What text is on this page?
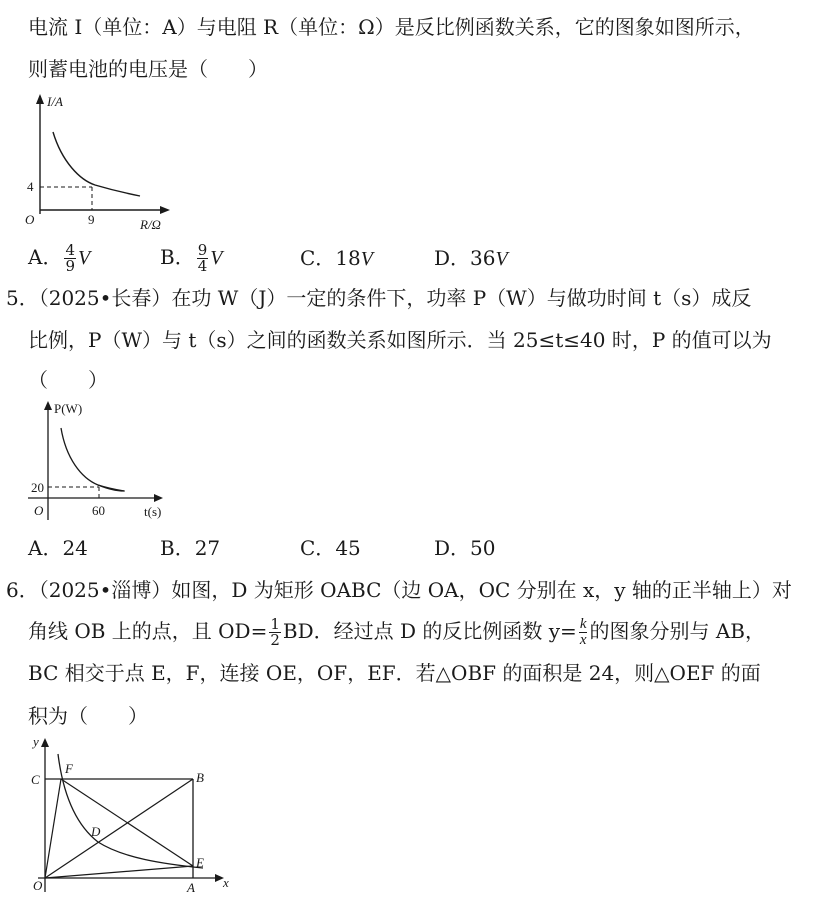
电流 I（单位：A）与电阻 R（单位：Ω）是反比例函数关系，它的图象如图所示，
则蓄电池的电压是（　　）
I/A
4
9
O	R/Ω
A． $\frac{4}{9}$ V	B． $\frac{9}{4}$ V	C．18V	D．36V
5．（2025•长春）在功 W（J）一定的条件下，功率 P（W）与做功时间 t（s）成反
比例，P（W）与 t（s）之间的函数关系如图所示．当 25≤t≤40 时，P 的值可以为
（　　）
P(W)
20
O	60	t(s)
A．24	B．27	C．45	D．50
6．（2025•淄博）如图，D 为矩形 OABC（边 OA，OC 分别在 x，y 轴的正半轴上）对
角线 OB 上的点，且 $OD= \frac{1}{2}$ BD．经过点 D 的反比例函数 $y= \frac{k}{x}$ 的图象分别与 AB，
BC 相交于点 E，F，连接 OE，OF，EF．若△OBF 的面积是 24，则△OEF 的面
积为（　　）
y
C
F
B
D
E
O	A x
